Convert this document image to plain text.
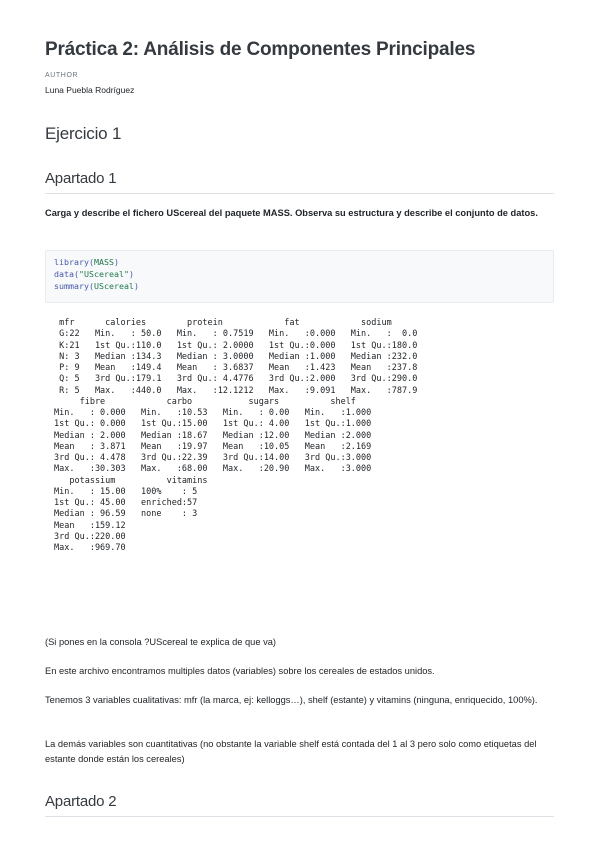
Práctica 2: Análisis de Componentes Principales
AUTHOR
Luna Puebla Rodríguez
Ejercicio 1
Apartado 1

Carga y describe el fichero UScereal del paquete MASS. Observa su estructura y describe el conjunto de datos.

library(MASS)
data("UScereal")
summary(UScereal)
mfr      calories        protein            fat            sodium
G:22   Min.   : 50.0   Min.   : 0.7519   Min.   :0.000   Min.   :  0.0
K:21   1st Qu.:110.0   1st Qu.: 2.0000   1st Qu.:0.000   1st Qu.:180.0
N: 3   Median :134.3   Median : 3.0000   Median :1.000   Median :232.0
P: 9   Mean   :149.4   Mean   : 3.6837   Mean   :1.423   Mean   :237.8
Q: 5   3rd Qu.:179.1   3rd Qu.: 4.4776   3rd Qu.:2.000   3rd Qu.:290.0
R: 5   Max.   :440.0   Max.   :12.1212   Max.   :9.091   Max.   :787.9
fibre            carbo           sugars          shelf
Min.   : 0.000   Min.   :10.53   Min.   : 0.00   Min.   :1.000
1st Qu.: 0.000   1st Qu.:15.00   1st Qu.: 4.00   1st Qu.:1.000
Median : 2.000   Median :18.67   Median :12.00   Median :2.000
Mean   : 3.871   Mean   :19.97   Mean   :10.05   Mean   :2.169
3rd Qu.: 4.478   3rd Qu.:22.39   3rd Qu.:14.00   3rd Qu.:3.000
Max.   :30.303   Max.   :68.00   Max.   :20.90   Max.   :3.000
potassium          vitamins
Min.   : 15.00   100%    : 5
1st Qu.: 45.00   enriched:57
Median : 96.59   none    : 3
Mean   :159.12
3rd Qu.:220.00
Max.   :969.70

(Si pones en la consola ?UScereal te explica de que va)

En este archivo encontramos multiples datos (variables) sobre los cereales de estados unidos.

Tenemos 3 variables cualitativas: mfr (la marca, ej: kelloggs…), shelf (estante) y vitamins (ninguna, enriquecido, 100%).

La demás variables son cuantitativas (no obstante la variable shelf está contada del 1 al 3 pero solo como etiquetas del estante donde están los cereales)

Apartado 2
